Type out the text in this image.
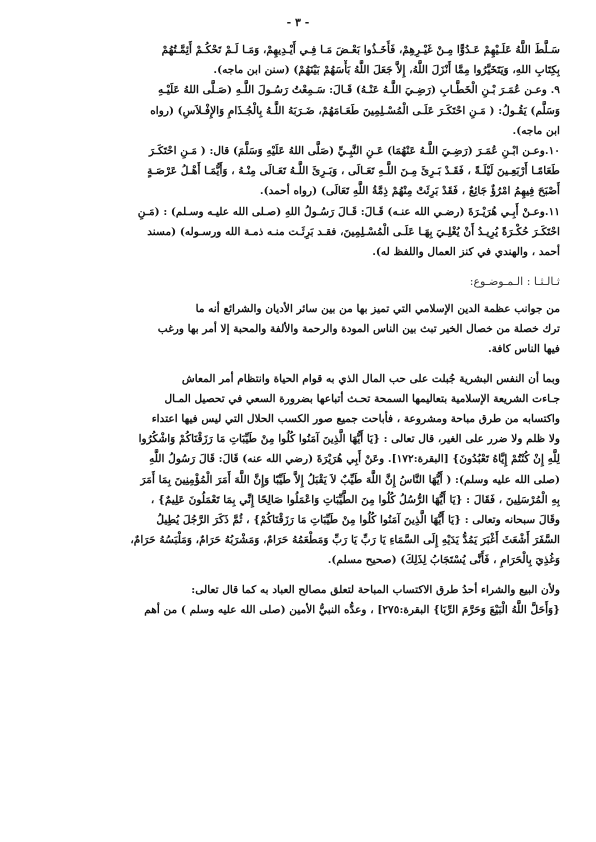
- ٣ -
سَـلَّطَ اللَّهُ عَلَـيْهِمْ عَـدُوًّا مِـنْ غَيْـرِهِمْ، فَأَخَـذُوا بَعْـضَ مَـا فِـي أَيْـدِيهِمْ، وَمَـا لَـمْ تَحْكُـمْ أَئِمَّـتُهُمْ
بِكِتَابِ اللهِ، وَيَتَخَيَّرُوا مِمَّا أَنْزَلَ اللَّهُ، إِلاَّ جَعَلَ اللَّهُ بَأْسَهُمْ بَيْنَهُمْ) (سنن ابن ماجه).
٩. وعـن عُمَـرَ بْـنِ الْخَطَّـابِ (رَضِـيَ اللَّـهُ عَنْـهُ) قَـالَ: سَـمِعْتُ رَسُـولَ اللَّـهِ (صَـلَّى اللهُ عَلَيْـهِ
وَسَلَّم) يَقُـولُ: ( مَـنِ احْتَكَـرَ عَلَـى الْمُسْـلِمِينَ طَعَـامَهُمْ، ضَـرَبَهُ اللَّـهُ بِالْجُـذَامِ وَالإِفْـلاَسِ) (رواه
ابن ماجه).
١٠.وعـن ابْـنِ عُمَـرَ (رَضِـيَ اللَّـهُ عَنْهُمَا) عَـنِ النَّبِـيِّ (صَلَّى اللهُ عَلَيْهِ وَسَلَّمَ) قال: ( مَـنِ احْتَكَـرَ
طَعَامًـا أَرْبَعِـينَ لَيْلَـةً ، فَقَـدْ بَـرِئَ مِـنَ اللَّـهِ تَعَـالَى ، وَبَـرِئَ اللَّـهُ تَعَـالَى مِنْـهُ ، وَأَيُّمَـا أَهْـلُ عَرْصَـةٍ
أَصْبَحَ فِيهِمُ امْرُؤٌ جَائِعٌ ، فَقَدْ بَرِئَتْ مِنْهُمْ ذِمَّةُ اللَّهِ تَعَالَى) (رواه أحمد).
١١.وعـنْ أَبِـي هُرَيْـرَةَ (رضـي الله عنـه) قَـالَ: قَـالَ رَسُـولُ اللهِ (صـلى الله عليـه وسـلم) : (مَـنِ
احْتَكَـرَ حُكْـرَةً يُرِيـدُ أَنْ يُغْلِـيَ بِهَـا عَلَـى الْمُسْـلِمِينَ، فقـد بَرِئَـت منـه ذمـة الله ورسـوله) (مسند
أحمد ، والهندي في كنز العمال واللفظ له).
ثـالـثـا : الـمـوضـوع:
من جوانب عظمة الدين الإسلامي التي تميز بها من بين سائر الأديان والشرائع أنه ما
ترك خصلة من خصال الخير تبث بين الناس المودة والرحمة والألفة والمحبة إلا أمر بها ورغب
فيها الناس كافة.
وبما أن النفس البشرية جُبلت على حب المال الذي به قوام الحياة وانتظام أمر المعاش
جـاءت الشريعة الإسلامية بتعاليمها السمحة تحـث أتباعها بضرورة السعي في تحصيل المـال
واكتسابه من طرق مباحة ومشروعة ، فأباحت جميع صور الكسب الحلال التي ليس فيها اعتداء
ولا ظلم ولا ضرر على الغير، قال تعالى : {يَا أَيُّهَا الَّذِينَ آمَنُوا كُلُوا مِنْ طَيِّبَاتِ مَا رَزَقْنَاكُمْ وَاشْكُرُوا
لِلَّهِ إِنْ كُنْتُمْ إِيَّاهُ تَعْبُدُونَ} [البقرة:١٧٢]. وعَنْ أَبِي هُرَيْرَةَ (رضي الله عنه) قَالَ: قَالَ رَسُولُ اللَّهِ
(صلى الله عليه وسلم): ( أَيُّهَا النَّاسُ إِنَّ اللَّهَ طَيِّبٌ لاَ يَقْبَلُ إِلاَّ طَيِّبًا وَإِنَّ اللَّهَ أَمَرَ الْمُؤْمِنِينَ بِمَا أَمَرَ
بِهِ الْمُرْسَلِينَ ، فَقَالَ : {يَا أَيُّهَا الرُّسُلُ كُلُوا مِنَ الطَّيِّبَاتِ وَاعْمَلُوا صَالِحًا إِنِّي بِمَا تَعْمَلُونَ عَلِيمٌ} ،
وقَالَ سبحانه وتعالى : {يَا أَيُّهَا الَّذِينَ آمَنُوا كُلُوا مِنْ طَيِّبَاتِ مَا رَزَقْنَاكُمْ} ، ثُمَّ ذَكَرَ الرَّجُلَ يُطِيلُ
السَّفَرَ أَشْعَثَ أَغْبَرَ يَمُدُّ يَدَيْهِ إِلَى السَّمَاءِ يَا رَبِّ يَا رَبِّ وَمَطْعَمُهُ حَرَامٌ، وَمَشْرَبُهُ حَرَامٌ، وَمَلْبَسُهُ حَرَامٌ،
وَغُذِيَ بِالْحَرَامِ ، فَأَنَّى يُسْتَجَابُ لِذَلِكَ) (صحيح مسلم).
ولأن البيع والشراء أحدُ طرق الاكتساب المباحة لتعلق مصالح العباد به كما قال تعالى:
{وَأَحَلَّ اللَّهُ الْبَيْعَ وَحَرَّمَ الرِّبَا} البقرة:٢٧٥] ، وعدُّه النبيُّ الأمين (صلى الله عليه وسلم ) من أهم
